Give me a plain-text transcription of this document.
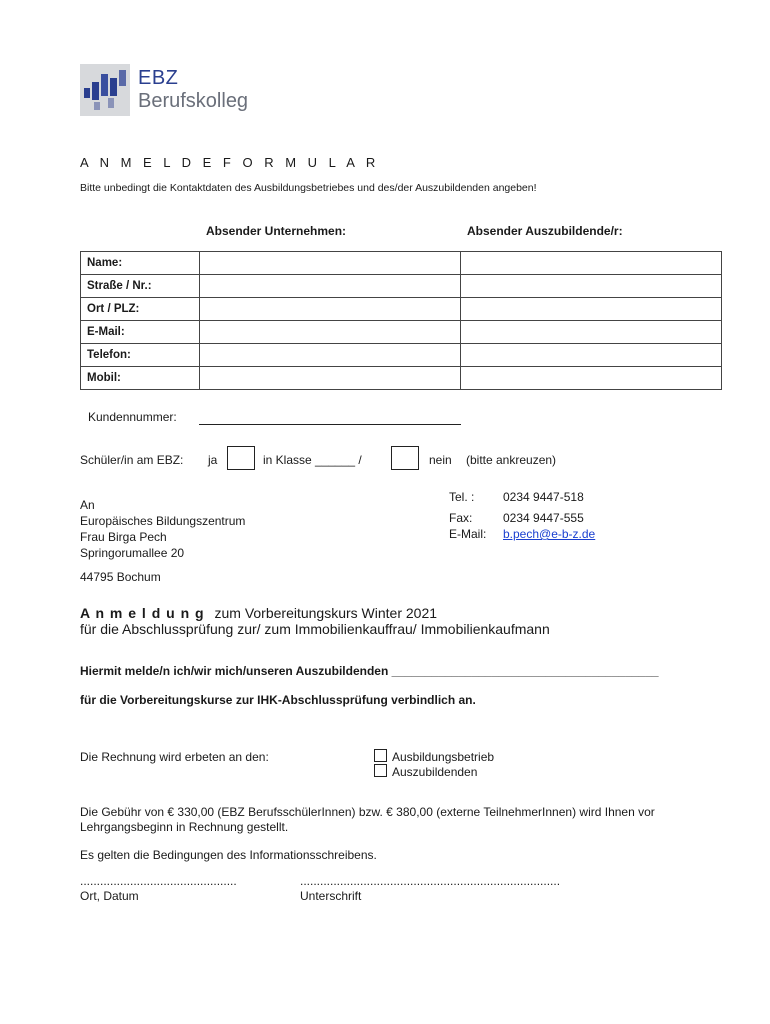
EBZ
Berufskolleg
A N M E L D E F O R M U L A R
Bitte unbedingt die Kontaktdaten des Ausbildungsbetriebes und des/der Auszubildenden angeben!
Absender Unternehmen:	Absender Auszubildende/r:
Name:		
Straße / Nr.:		
Ort / PLZ:		
E-Mail:		
Telefon:		
Mobil:		
Kundennummer:
Schüler/in am EBZ: ja	in Klasse ______ /	nein (bitte ankreuzen)
An
Europäisches Bildungszentrum
Frau Birga Pech
Springorumallee 20
44795 Bochum
Tel. : 0234 9447-518
Fax:	0234 9447-555
E-Mail: b.pech@e-b-z.de
A n m e l d u n g zum Vorbereitungskurs Winter 2021
für die Abschlussprüfung zur/ zum Immobilienkauffrau/ Immobilienkaufmann
Hiermit melde/n ich/wir mich/unseren Auszubildenden ________________________________________
für die Vorbereitungskurse zur IHK-Abschlussprüfung verbindlich an.
Die Rechnung wird erbeten an den:	Ausbildungsbetrieb
Auszubildenden
Die Gebühr von € 330,00 (EBZ BerufsschülerInnen) bzw. € 380,00 (externe TeilnehmerInnen) wird Ihnen vor Lehrgangsbeginn in Rechnung gestellt.
Es gelten die Bedingungen des Informationsschreibens.
...............................................	..............................................................................
Ort, Datum	Unterschrift
